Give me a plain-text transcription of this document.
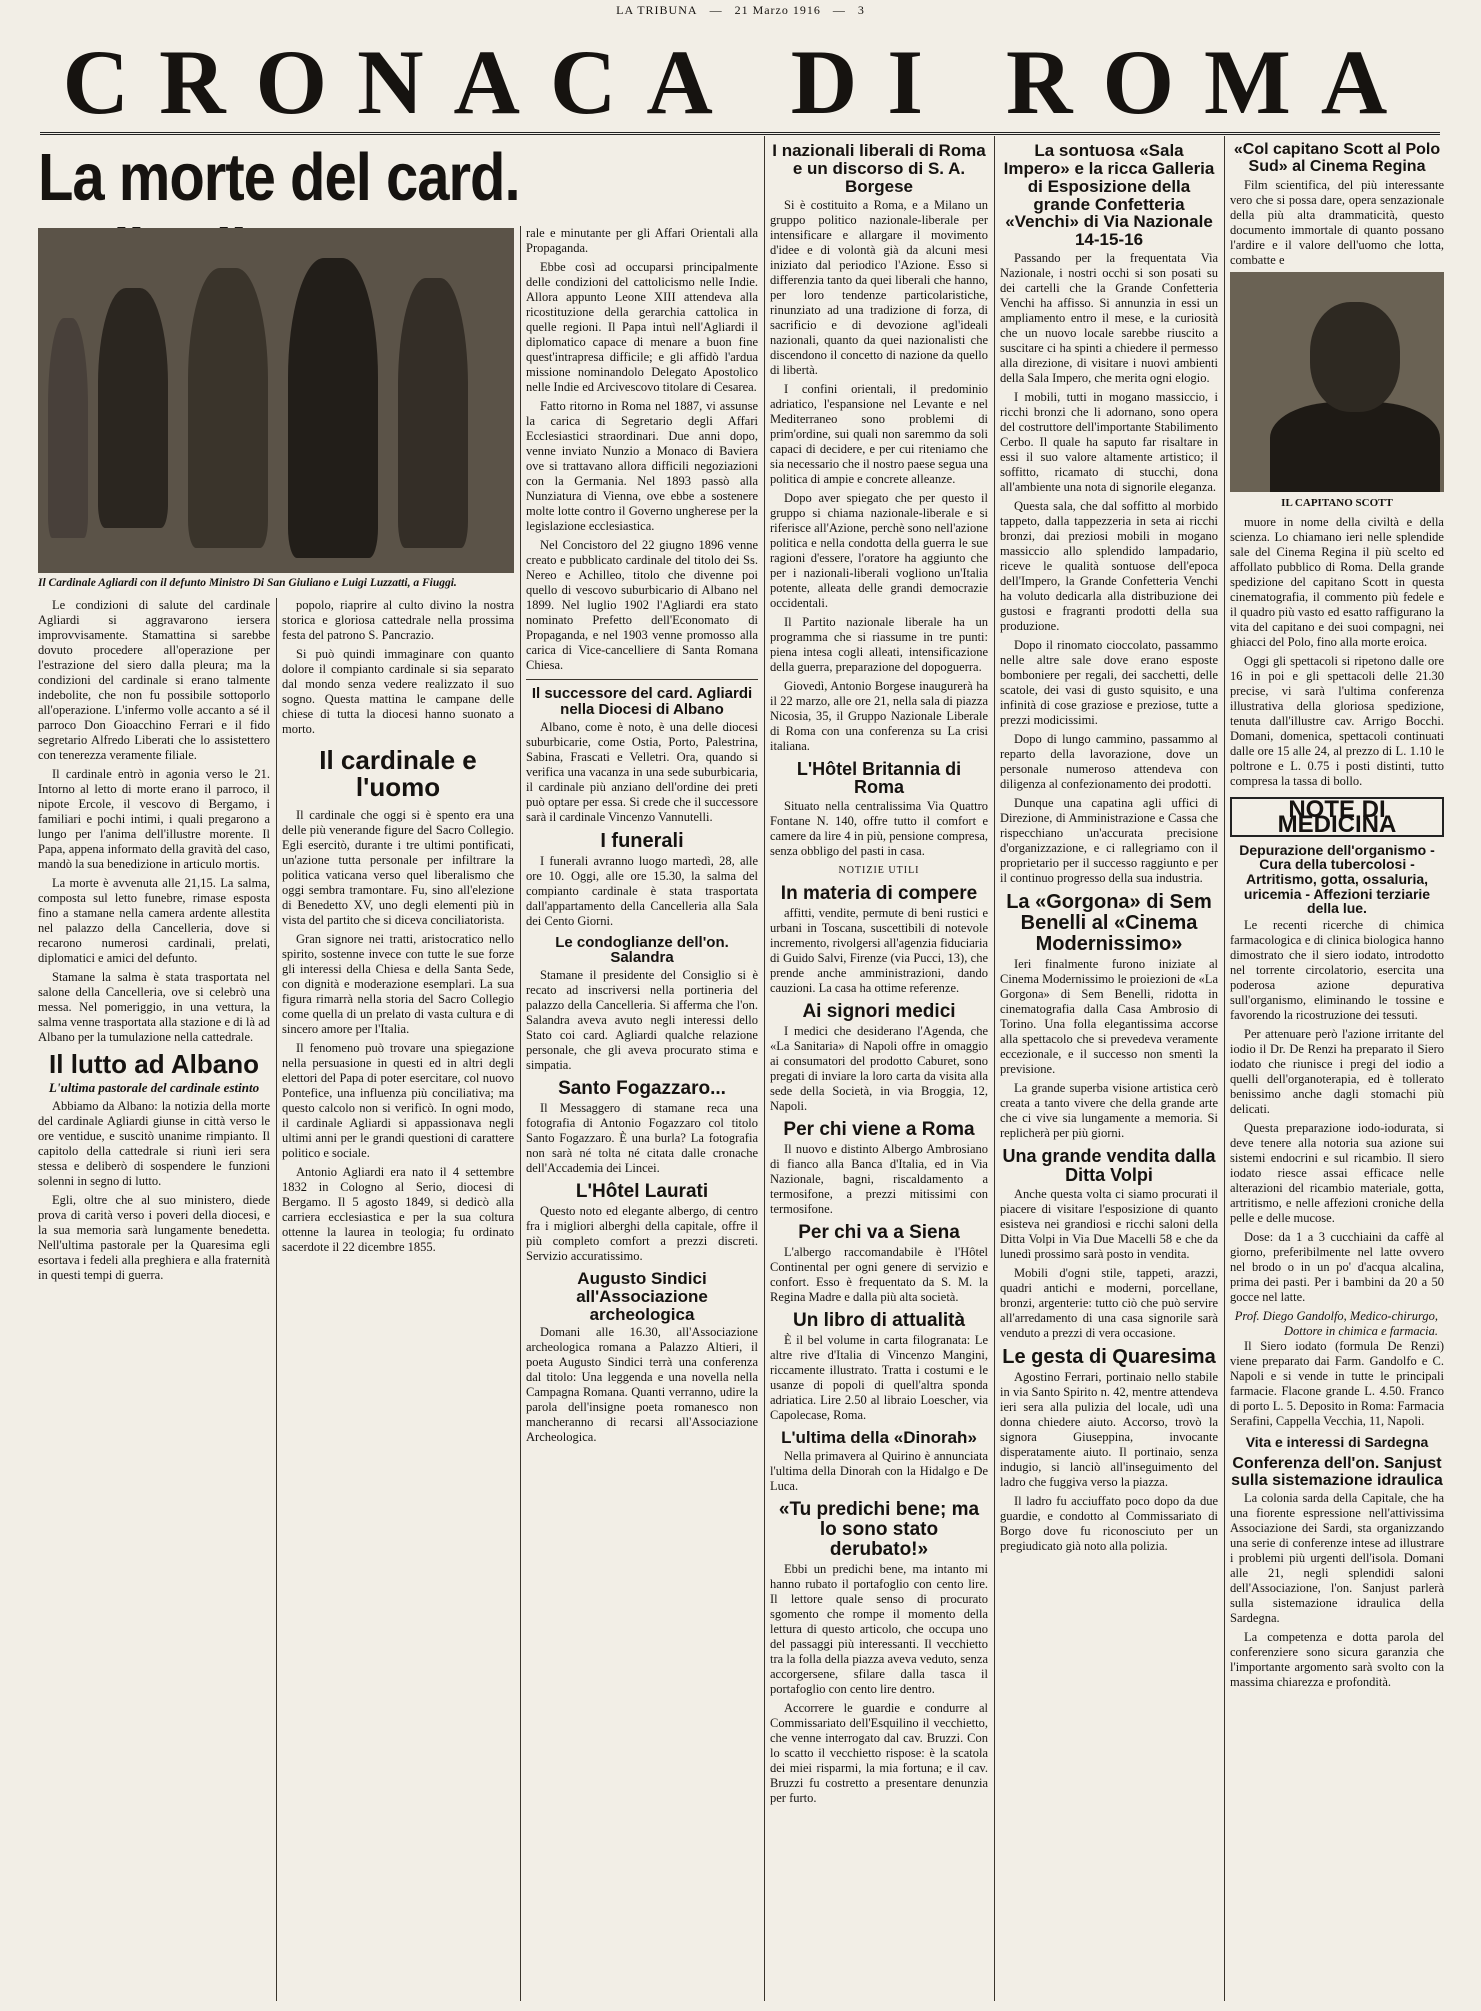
LA TRIBUNA — 21 Marzo 1916 — 3
CRONACA DI ROMA
La morte del card.
Il Cardinale Agliardi con il defunto Ministro Di San Giuliano e Luigi Luzzatti, a Fiuggi.

Le condizioni di salute del cardinale Agliardi si aggravarono iersera improvvisamente. Stamattina si sarebbe dovuto procedere all'operazione per l'estrazione del siero dalla pleura; ma la condizioni del cardinale si erano talmente indebolite, che non fu possibile sottoporlo all'operazione. L'infermo volle accanto a sé il parroco Don Gioacchino Ferrari e il fido segretario Alfredo Liberati che lo assistettero con tenerezza veramente filiale.

Il cardinale entrò in agonia verso le 21. Intorno al letto di morte erano il parroco, il nipote Ercole, il vescovo di Bergamo, i familiari e pochi intimi, i quali pregarono a lungo per l'anima dell'illustre morente. Il Papa, appena informato della gravità del caso, mandò la sua benedizione in articulo mortis.

La morte è avvenuta alle 21,15. La salma, composta sul letto funebre, rimase esposta fino a stamane nella camera ardente allestita nel palazzo della Cancelleria, dove si recarono numerosi cardinali, prelati, diplomatici e amici del defunto.

Stamane la salma è stata trasportata nel salone della Cancelleria, ove si celebrò una messa. Nel pomeriggio, in una vettura, la salma venne trasportata alla stazione e di là ad Albano per la tumulazione nella cattedrale.

Il lutto ad Albano
L'ultima pastorale del cardinale estinto

Abbiamo da Albano: la notizia della morte del cardinale Agliardi giunse in città verso le ore ventidue, e suscitò unanime rimpianto. Il capitolo della cattedrale si riunì ieri sera stessa e deliberò di sospendere le funzioni solenni in segno di lutto.

Egli, oltre che al suo ministero, diede prova di carità verso i poveri della diocesi, e la sua memoria sarà lungamente benedetta. Nell'ultima pastorale per la Quaresima egli esortava i fedeli alla preghiera e alla fraternità in questi tempi di guerra.

popolo, riaprire al culto divino la nostra storica e gloriosa cattedrale nella prossima festa del patrono S. Pancrazio.

Si può quindi immaginare con quanto dolore il compianto cardinale si sia separato dal mondo senza vedere realizzato il suo sogno. Questa mattina le campane delle chiese di tutta la diocesi hanno suonato a morto.

Il cardinale e l'uomo

Il cardinale che oggi si è spento era una delle più venerande figure del Sacro Collegio. Egli esercitò, durante i tre ultimi pontificati, un'azione tutta personale per infiltrare la politica vaticana verso quel liberalismo che oggi sembra tramontare. Fu, sino all'elezione di Benedetto XV, uno degli elementi più in vista del partito che si diceva conciliatorista.

Gran signore nei tratti, aristocratico nello spirito, sostenne invece con tutte le sue forze gli interessi della Chiesa e della Santa Sede, con dignità e moderazione esemplari. La sua figura rimarrà nella storia del Sacro Collegio come quella di un prelato di vasta cultura e di sincero amore per l'Italia.

Il fenomeno può trovare una spiegazione nella persuasione in questi ed in altri degli elettori del Papa di poter esercitare, col nuovo Pontefice, una influenza più conciliativa; ma questo calcolo non si verificò. In ogni modo, il cardinale Agliardi si appassionava negli ultimi anni per le grandi questioni di carattere politico e sociale.

Antonio Agliardi era nato il 4 settembre 1832 in Cologno al Serio, diocesi di Bergamo. Il 5 agosto 1849, si dedicò alla carriera ecclesiastica e per la sua coltura ottenne la laurea in teologia; fu ordinato sacerdote il 22 dicembre 1855.

rale e minutante per gli Affari Orientali alla Propaganda.

Ebbe così ad occuparsi principalmente delle condizioni del cattolicismo nelle Indie. Allora appunto Leone XIII attendeva alla ricostituzione della gerarchia cattolica in quelle regioni. Il Papa intuì nell'Agliardi il diplomatico capace di menare a buon fine quest'intrapresa difficile; e gli affidò l'ardua missione nominandolo Delegato Apostolico nelle Indie ed Arcivescovo titolare di Cesarea.

Fatto ritorno in Roma nel 1887, vi assunse la carica di Segretario degli Affari Ecclesiastici straordinari. Due anni dopo, venne inviato Nunzio a Monaco di Baviera ove si trattavano allora difficili negoziazioni con la Germania. Nel 1893 passò alla Nunziatura di Vienna, ove ebbe a sostenere molte lotte contro il Governo ungherese per la legislazione ecclesiastica.

Nel Concistoro del 22 giugno 1896 venne creato e pubblicato cardinale del titolo dei Ss. Nereo e Achilleo, titolo che divenne poi quello di vescovo suburbicario di Albano nel 1899. Nel luglio 1902 l'Agliardi era stato nominato Prefetto dell'Economato di Propaganda, e nel 1903 venne promosso alla carica di Vice-cancelliere di Santa Romana Chiesa.

Il successore del card. Agliardi nella Diocesi di Albano

Albano, come è noto, è una delle diocesi suburbicarie, come Ostia, Porto, Palestrina, Sabina, Frascati e Velletri. Ora, quando si verifica una vacanza in una sede suburbicaria, il cardinale più anziano dell'ordine dei preti può optare per essa. Si crede che il successore sarà il cardinale Vincenzo Vannutelli.

I funerali

I funerali avranno luogo martedì, 28, alle ore 10. Oggi, alle ore 15.30, la salma del compianto cardinale è stata trasportata dall'appartamento della Cancelleria alla Sala dei Cento Giorni.

Le condoglianze dell'on. Salandra

Stamane il presidente del Consiglio si è recato ad inscriversi nella portineria del palazzo della Cancelleria. Si afferma che l'on. Salandra aveva avuto negli interessi dello Stato coi card. Agliardi qualche relazione personale, che gli aveva procurato stima e simpatia.

Santo Fogazzaro...

Il Messaggero di stamane reca una fotografia di Antonio Fogazzaro col titolo Santo Fogazzaro. È una burla? La fotografia non sarà né tolta né citata dalle cronache dell'Accademia dei Lincei.

L'Hôtel Laurati

Questo noto ed elegante albergo, di centro fra i migliori alberghi della capitale, offre il più completo comfort a prezzi discreti. Servizio accuratissimo.

Augusto Sindici all'Associazione archeologica

Domani alle 16.30, all'Associazione archeologica romana a Palazzo Altieri, il poeta Augusto Sindici terrà una conferenza dal titolo: Una leggenda e una novella nella Campagna Romana. Quanti verranno, udire la parola dell'insigne poeta romanesco non mancheranno di recarsi all'Associazione Archeologica.

I nazionali liberali di Roma e un discorso di S. A. Borgese

Si è costituito a Roma, e a Milano un gruppo politico nazionale-liberale per intensificare e allargare il movimento d'idee e di volontà già da alcuni mesi iniziato dal periodico l'Azione. Esso si differenzia tanto da quei liberali che hanno, per loro tendenze particolaristiche, rinunziato ad una tradizione di forza, di sacrificio e di devozione agl'ideali nazionali, quanto da quei nazionalisti che discendono il concetto di nazione da quello di libertà.

I confini orientali, il predominio adriatico, l'espansione nel Levante e nel Mediterraneo sono problemi di prim'ordine, sui quali non saremmo da soli capaci di decidere, e per cui riteniamo che sia necessario che il nostro paese segua una politica di ampie e concrete alleanze.

Dopo aver spiegato che per questo il gruppo si chiama nazionale-liberale e si riferisce all'Azione, perchè sono nell'azione politica e nella condotta della guerra le sue ragioni d'essere, l'oratore ha aggiunto che per i nazionali-liberali vogliono un'Italia potente, alleata delle grandi democrazie occidentali.

Il Partito nazionale liberale ha un programma che si riassume in tre punti: piena intesa cogli alleati, intensificazione della guerra, preparazione del dopoguerra.

Giovedì, Antonio Borgese inaugurerà ha il 22 marzo, alle ore 21, nella sala di piazza Nicosia, 35, il Gruppo Nazionale Liberale di Roma con una conferenza su La crisi italiana.

L'Hôtel Britannia di Roma

Situato nella centralissima Via Quattro Fontane N. 140, offre tutto il comfort e camere da lire 4 in più, pensione compresa, senza obbligo del pasti in casa.

NOTIZIE UTILI
In materia di compere

affitti, vendite, permute di beni rustici e urbani in Toscana, suscettibili di notevole incremento, rivolgersi all'agenzia fiduciaria di Guido Salvi, Firenze (via Pucci, 13), che prende anche amministrazioni, dando cauzioni. La casa ha ottime referenze.

Ai signori medici

I medici che desiderano l'Agenda, che «La Sanitaria» di Napoli offre in omaggio ai consumatori del prodotto Caburet, sono pregati di inviare la loro carta da visita alla sede della Società, in via Broggia, 12, Napoli.

Per chi viene a Roma

Il nuovo e distinto Albergo Ambrosiano di fianco alla Banca d'Italia, ed in Via Nazionale, bagni, riscaldamento a termosifone, a prezzi mitissimi con termosifone.

Per chi va a Siena

L'albergo raccomandabile è l'Hôtel Continental per ogni genere di servizio e confort. Esso è frequentato da S. M. la Regina Madre e dalla più alta società.

Un libro di attualità

È il bel volume in carta filogranata: Le altre rive d'Italia di Vincenzo Mangini, riccamente illustrato. Tratta i costumi e le usanze di popoli di quell'altra sponda adriatica. Lire 2.50 al libraio Loescher, via Capolecase, Roma.

L'ultima della «Dinorah»

Nella primavera al Quirino è annunciata l'ultima della Dinorah con la Hidalgo e De Luca.

«Tu predichi bene; ma lo sono stato derubato!»

Ebbi un predichi bene, ma intanto mi hanno rubato il portafoglio con cento lire. Il lettore quale senso di procurato sgomento che rompe il momento della lettura di questo articolo, che occupa uno del passaggi più interessanti. Il vecchietto tra la folla della piazza aveva veduto, senza accorgersene, sfilare dalla tasca il portafoglio con cento lire dentro.

Accorrere le guardie e condurre al Commissariato dell'Esquilino il vecchietto, che venne interrogato dal cav. Bruzzi. Con lo scatto il vecchietto rispose: è la scatola dei miei risparmi, la mia fortuna; e il cav. Bruzzi fu costretto a presentare denunzia per furto.

La sontuosa «Sala Impero» e la ricca Galleria di Esposizione della grande Confetteria «Venchi» di Via Nazionale 14-15-16

Passando per la frequentata Via Nazionale, i nostri occhi si son posati su dei cartelli che la Grande Confetteria Venchi ha affisso. Si annunzia in essi un ampliamento entro il mese, e la curiosità che un nuovo locale sarebbe riuscito a suscitare ci ha spinti a chiedere il permesso alla direzione, di visitare i nuovi ambienti della Sala Impero, che merita ogni elogio.

I mobili, tutti in mogano massiccio, i ricchi bronzi che li adornano, sono opera del costruttore dell'importante Stabilimento Cerbo. Il quale ha saputo far risaltare in essi il suo valore altamente artistico; il soffitto, ricamato di stucchi, dona all'ambiente una nota di signorile eleganza.

Questa sala, che dal soffitto al morbido tappeto, dalla tappezzeria in seta ai ricchi bronzi, dai preziosi mobili in mogano massiccio allo splendido lampadario, riceve le qualità sontuose dell'epoca dell'Impero, la Grande Confetteria Venchi ha voluto dedicarla alla distribuzione dei gustosi e fragranti prodotti della sua produzione.

Dopo il rinomato cioccolato, passammo nelle altre sale dove erano esposte bomboniere per regali, dei sacchetti, delle scatole, dei vasi di gusto squisito, e una infinità di cose graziose e preziose, tutte a prezzi modicissimi.

Dopo di lungo cammino, passammo al reparto della lavorazione, dove un personale numeroso attendeva con diligenza al confezionamento dei prodotti.

Dunque una capatina agli uffici di Direzione, di Amministrazione e Cassa che rispecchiano un'accurata precisione d'organizzazione, e ci rallegriamo con il proprietario per il successo raggiunto e per il continuo progresso della sua industria.

La «Gorgona» di Sem Benelli al «Cinema Modernissimo»

Ieri finalmente furono iniziate al Cinema Modernissimo le proiezioni de «La Gorgona» di Sem Benelli, ridotta in cinematografia dalla Casa Ambrosio di Torino. Una folla elegantissima accorse alla spettacolo che si prevedeva veramente eccezionale, e il successo non smentì la previsione.

La grande superba visione artistica cerò creata a tanto vivere che della grande arte che ci vive sia lungamente a memoria. Si replicherà per più giorni.

Una grande vendita dalla Ditta Volpi

Anche questa volta ci siamo procurati il piacere di visitare l'esposizione di quanto esisteva nei grandiosi e ricchi saloni della Ditta Volpi in Via Due Macelli 58 e che da lunedì prossimo sarà posto in vendita.

Mobili d'ogni stile, tappeti, arazzi, quadri antichi e moderni, porcellane, bronzi, argenterie: tutto ciò che può servire all'arredamento di una casa signorile sarà venduto a prezzi di vera occasione.

Le gesta di Quaresima

Agostino Ferrari, portinaio nello stabile in via Santo Spirito n. 42, mentre attendeva ieri sera alla pulizia del locale, udì una donna chiedere aiuto. Accorso, trovò la signora Giuseppina, invocante disperatamente aiuto. Il portinaio, senza indugio, si lanciò all'inseguimento del ladro che fuggiva verso la piazza.

Il ladro fu acciuffato poco dopo da due guardie, e condotto al Commissariato di Borgo dove fu riconosciuto per un pregiudicato già noto alla polizia.

«Col capitano Scott al Polo Sud» al Cinema Regina

Film scientifica, del più interessante vero che si possa dare, opera senzazionale della più alta drammaticità, questo documento immortale di quanto possano l'ardire e il valore dell'uomo che lotta, combatte e

IL CAPITANO SCOTT

muore in nome della civiltà e della scienza. Lo chiamano ieri nelle splendide sale del Cinema Regina il più scelto ed affollato pubblico di Roma. Della grande spedizione del capitano Scott in questa cinematografia, il commento più fedele e il quadro più vasto ed esatto raffigurano la vita del capitano e dei suoi compagni, nei ghiacci del Polo, fino alla morte eroica.

Oggi gli spettacoli si ripetono dalle ore 16 in poi e gli spettacoli delle 21.30 precise, vi sarà l'ultima conferenza illustrativa della gloriosa spedizione, tenuta dall'illustre cav. Arrigo Bocchi. Domani, domenica, spettacoli continuati dalle ore 15 alle 24, al prezzo di L. 1.10 le poltrone e L. 0.75 i posti distinti, tutto compresa la tassa di bollo.

NOTE DI MEDICINA
Depurazione dell'organismo - Cura della tubercolosi - Artritismo, gotta, ossaluria, uricemia - Affezioni terziarie della lue.

Le recenti ricerche di chimica farmacologica e di clinica biologica hanno dimostrato che il siero iodato, introdotto nel torrente circolatorio, esercita una poderosa azione depurativa sull'organismo, eliminando le tossine e favorendo la ricostruzione dei tessuti.

Per attenuare però l'azione irritante del iodio il Dr. De Renzi ha preparato il Siero iodato che riunisce i pregi del iodio a quelli dell'organoterapia, ed è tollerato benissimo anche dagli stomachi più delicati.

Questa preparazione iodo-iodurata, si deve tenere alla notoria sua azione sui sistemi endocrini e sul ricambio. Il siero iodato riesce assai efficace nelle alterazioni del ricambio materiale, gotta, artritismo, e nelle affezioni croniche della pelle e delle mucose.

Dose: da 1 a 3 cucchiaini da caffè al giorno, preferibilmente nel latte ovvero nel brodo o in un po' d'acqua alcalina, prima dei pasti. Per i bambini da 20 a 50 gocce nel latte.

Prof. Diego Gandolfo, Medico-chirurgo, Dottore in chimica e farmacia.

Il Siero iodato (formula De Renzi) viene preparato dai Farm. Gandolfo e C. Napoli e si vende in tutte le principali farmacie. Flacone grande L. 4.50. Franco di porto L. 5. Deposito in Roma: Farmacia Serafini, Cappella Vecchia, 11, Napoli.

Vita e interessi di Sardegna
Conferenza dell'on. Sanjust sulla sistemazione idraulica

La colonia sarda della Capitale, che ha una fiorente espressione nell'attivissima Associazione dei Sardi, sta organizzando una serie di conferenze intese ad illustrare i problemi più urgenti dell'isola. Domani alle 21, negli splendidi saloni dell'Associazione, l'on. Sanjust parlerà sulla sistemazione idraulica della Sardegna.

La competenza e dotta parola del conferenziere sono sicura garanzia che l'importante argomento sarà svolto con la massima chiarezza e profondità.
